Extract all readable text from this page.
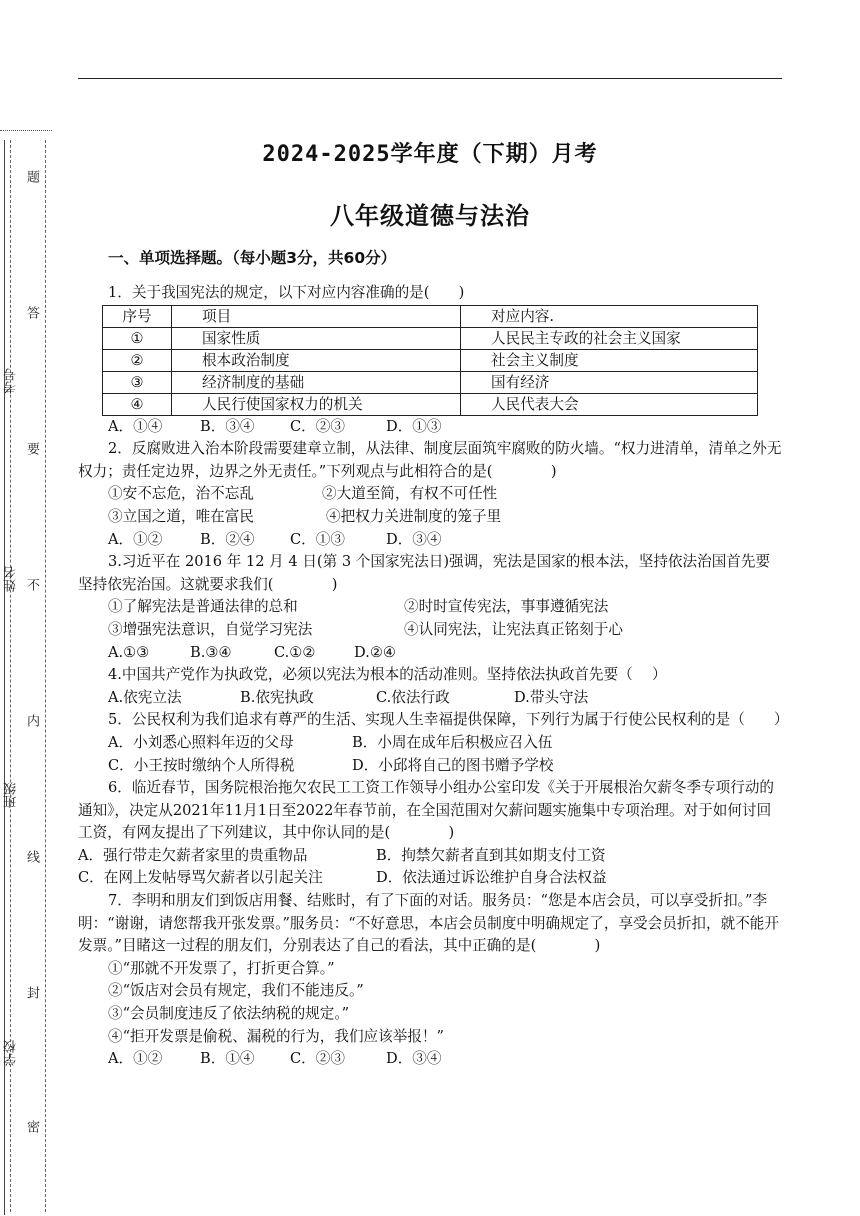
题
答
考号
要
姓名 不
内
班级
线
封
学校
密
2024-2025学年度（下期）月考
八年级道德与法治
一、单项选择题。（每小题3分，共60分）

1．关于我国宪法的规定，以下对应内容准确的是(　　)

序号	项目	对应内容.
①	国家性质	人民民主专政的社会主义国家
②	根本政治制度	社会主义制度
③	经济制度的基础	国有经济
④	人民行使国家权力的机关	人民代表大会
A．①④	B．③④	C．②③	D．①③

2．反腐败进入治本阶段需要建章立制，从法律、制度层面筑牢腐败的防火墙。“权力进清单，清单之外无权力；责任定边界，边界之外无责任。”下列观点与此相符合的是(　　　　)

①安不忘危，治不忘乱	②大道至简，有权不可任性
③立国之道，唯在富民	④把权力关进制度的笼子里
A．①②	B．②④	C．①③	D．③④

3.习近平在 2016 年 12 月 4 日(第 3 个国家宪法日)强调，宪法是国家的根本法，坚持依法治国首先要坚持依宪治国。这就要求我们(　　　　)

①了解宪法是普通法律的总和	②时时宣传宪法，事事遵循宪法
③增强宪法意识，自觉学习宪法	④认同宪法，让宪法真正铭刻于心
A.①③	B.③④	C.①②	D.②④

4.中国共产党作为执政党，必须以宪法为根本的活动准则。坚持依法执政首先要（　 ）

A.依宪立法	B.依宪执政	C.依法行政	D.带头守法

5．公民权利为我们追求有尊严的生活、实现人生幸福提供保障，下列行为属于行使公民权利的是（　　）

A．小刘悉心照料年迈的父母	B．小周在成年后积极应召入伍
C．小王按时缴纳个人所得税	D．小邱将自己的图书赠予学校

6．临近春节，国务院根治拖欠农民工工资工作领导小组办公室印发《关于开展根治欠薪冬季专项行动的通知》，决定从2021年11月1日至2022年春节前，在全国范围对欠薪问题实施集中专项治理。对于如何讨回工资，有网友提出了下列建议，其中你认同的是(　　　　)

A．强行带走欠薪者家里的贵重物品	B．拘禁欠薪者直到其如期支付工资
C．在网上发帖辱骂欠薪者以引起关注	D．依法通过诉讼维护自身合法权益

7．李明和朋友们到饭店用餐、结账时，有了下面的对话。服务员：“您是本店会员，可以享受折扣。”李明：“谢谢，请您帮我开张发票。”服务员：“不好意思，本店会员制度中明确规定了，享受会员折扣，就不能开发票。”目睹这一过程的朋友们，分别表达了自己的看法，其中正确的是(　　　　)

①“那就不开发票了，打折更合算。”
②“饭店对会员有规定，我们不能违反。”
③“会员制度违反了依法纳税的规定。”
④“拒开发票是偷税、漏税的行为，我们应该举报！”
A．①②	B．①④	C．②③	D．③④
